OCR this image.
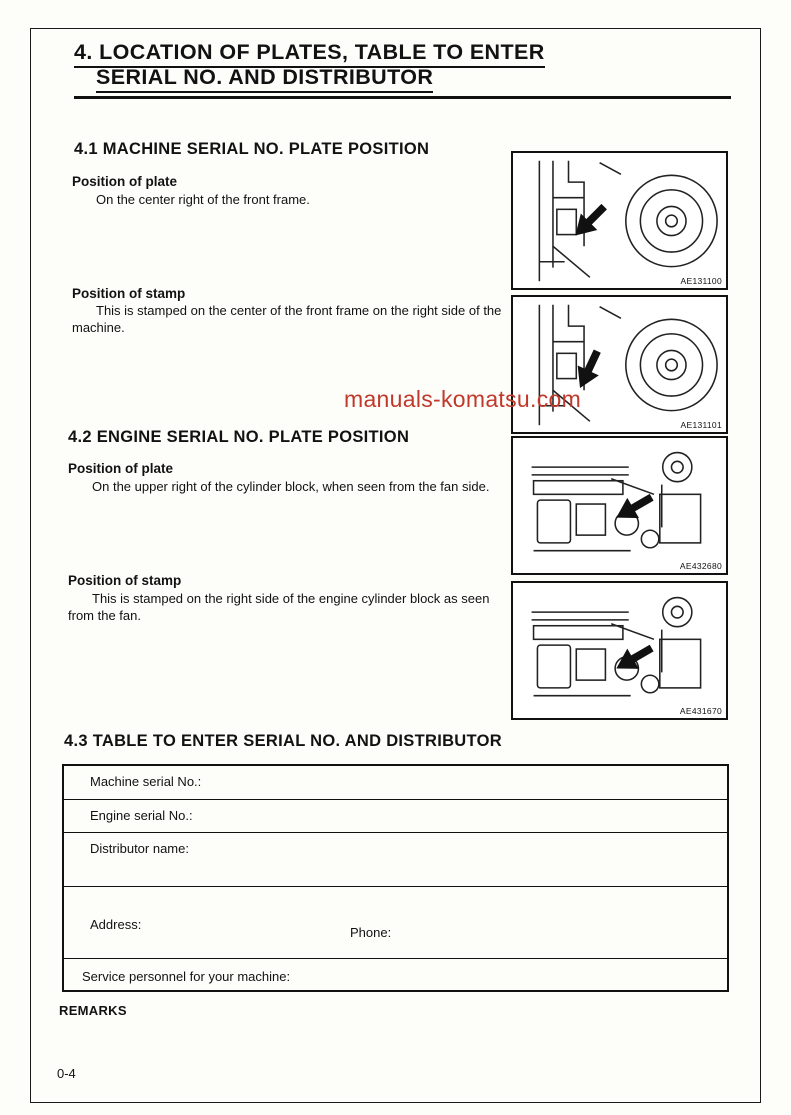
4. LOCATION OF PLATES, TABLE TO ENTER
SERIAL NO. AND DISTRIBUTOR
4.1 MACHINE SERIAL NO. PLATE POSITION
Position of plate
On the center right of the front frame.
AE131100
Position of stamp
This is stamped on the center of the front frame on the right side of the machine.
AE131101
manuals-komatsu.com
4.2 ENGINE SERIAL NO. PLATE POSITION
Position of plate
On the upper right of the cylinder block, when seen from the fan side.
AE432680
Position of stamp
This is stamped on the right side of the engine cylinder block as seen from the fan.
AE431670
4.3 TABLE TO ENTER SERIAL NO. AND DISTRIBUTOR
Machine serial No.:
Engine serial No.:
Distributor name:
Address:
Phone:
Service personnel for your machine:
REMARKS
0-4
